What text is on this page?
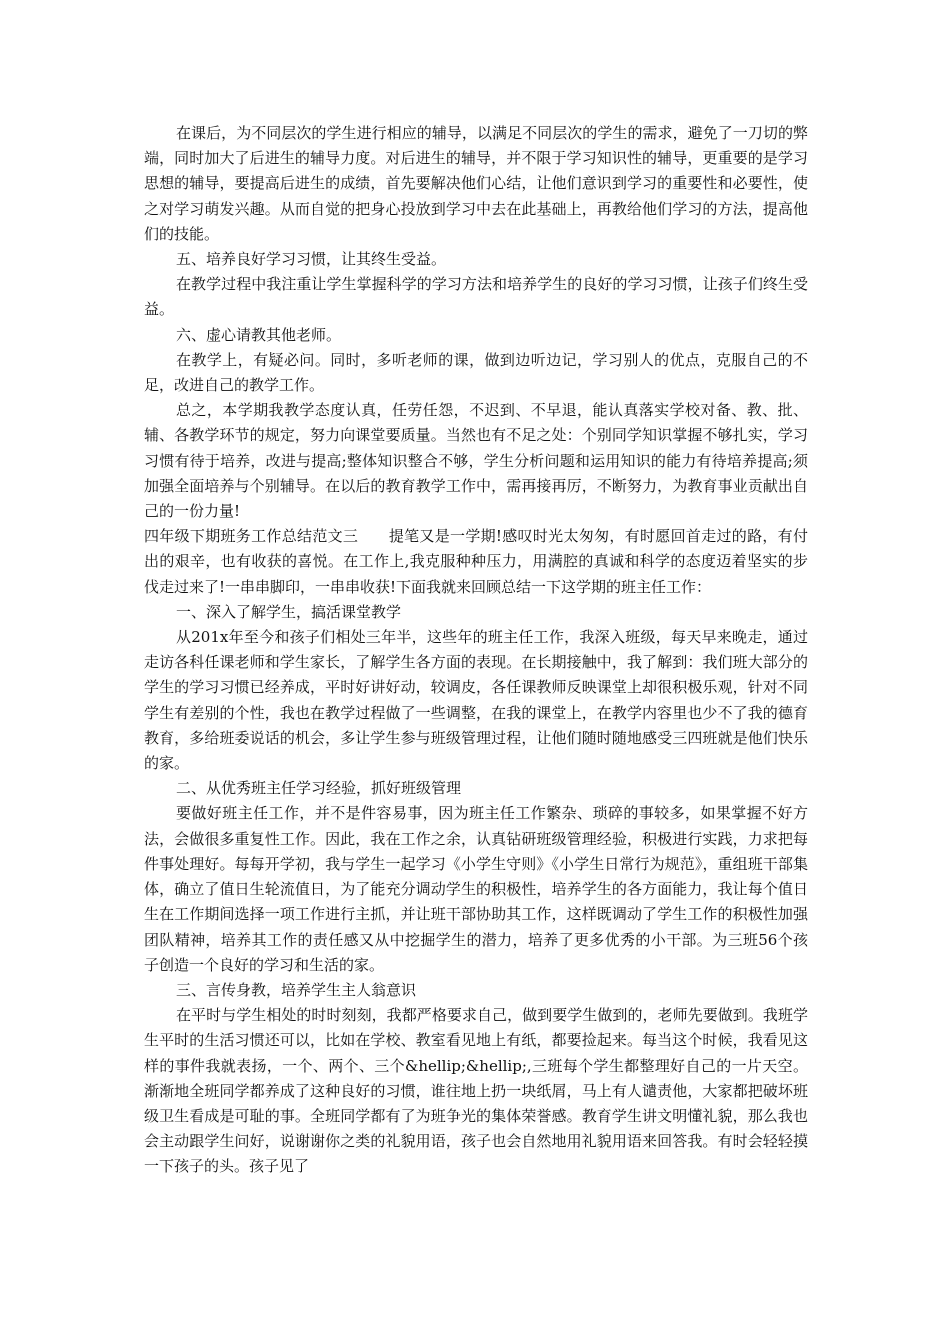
在课后，为不同层次的学生进行相应的辅导，以满足不同层次的学生的需求，避免了一刀切的弊端，同时加大了后进生的辅导力度。对后进生的辅导，并不限于学习知识性的辅导，更重要的是学习思想的辅导，要提高后进生的成绩，首先要解决他们心结，让他们意识到学习的重要性和必要性，使之对学习萌发兴趣。从而自觉的把身心投放到学习中去在此基础上，再教给他们学习的方法，提高他们的技能。

五、培养良好学习习惯，让其终生受益。

在教学过程中我注重让学生掌握科学的学习方法和培养学生的良好的学习习惯，让孩子们终生受益。

六、虚心请教其他老师。

在教学上，有疑必问。同时，多听老师的课，做到边听边记，学习别人的优点，克服自己的不足，改进自己的教学工作。

总之，本学期我教学态度认真，任劳任怨，不迟到、不早退，能认真落实学校对备、教、批、辅、各教学环节的规定，努力向课堂要质量。当然也有不足之处：个别同学知识掌握不够扎实，学习习惯有待于培养，改进与提高;整体知识整合不够，学生分析问题和运用知识的能力有待培养提高;须加强全面培养与个别辅导。在以后的教育教学工作中，需再接再厉，不断努力，为教育事业贡献出自己的一份力量!

四年级下期班务工作总结范文三　　提笔又是一学期!感叹时光太匆匆，有时愿回首走过的路，有付出的艰辛，也有收获的喜悦。在工作上,我克服种种压力，用满腔的真诚和科学的态度迈着坚实的步伐走过来了!一串串脚印，一串串收获!下面我就来回顾总结一下这学期的班主任工作：

一、深入了解学生，搞活课堂教学

从201x年至今和孩子们相处三年半，这些年的班主任工作，我深入班级，每天早来晚走，通过走访各科任课老师和学生家长，了解学生各方面的表现。在长期接触中，我了解到：我们班大部分的学生的学习习惯已经养成，平时好讲好动，较调皮，各任课教师反映课堂上却很积极乐观，针对不同学生有差别的个性，我也在教学过程做了一些调整，在我的课堂上，在教学内容里也少不了我的德育教育，多给班委说话的机会，多让学生参与班级管理过程，让他们随时随地感受三四班就是他们快乐的家。

二、从优秀班主任学习经验，抓好班级管理

要做好班主任工作，并不是件容易事，因为班主任工作繁杂、琐碎的事较多，如果掌握不好方法，会做很多重复性工作。因此，我在工作之余，认真钻研班级管理经验，积极进行实践，力求把每件事处理好。每每开学初，我与学生一起学习《小学生守则》《小学生日常行为规范》，重组班干部集体，确立了值日生轮流值日，为了能充分调动学生的积极性，培养学生的各方面能力，我让每个值日生在工作期间选择一项工作进行主抓，并让班干部协助其工作，这样既调动了学生工作的积极性加强团队精神，培养其工作的责任感又从中挖掘学生的潜力，培养了更多优秀的小干部。为三班56个孩子创造一个良好的学习和生活的家。

三、言传身教，培养学生主人翁意识

在平时与学生相处的时时刻刻，我都严格要求自己，做到要学生做到的，老师先要做到。我班学生平时的生活习惯还可以，比如在学校、教室看见地上有纸，都要捡起来。每当这个时候，我看见这样的事件我就表扬，一个、两个、三个&hellip;&hellip;,三班每个学生都整理好自己的一片天空。渐渐地全班同学都养成了这种良好的习惯，谁往地上扔一块纸屑，马上有人谴责他，大家都把破坏班级卫生看成是可耻的事。全班同学都有了为班争光的集体荣誉感。教育学生讲文明懂礼貌，那么我也会主动跟学生问好，说谢谢你之类的礼貌用语，孩子也会自然地用礼貌用语来回答我。有时会轻轻摸一下孩子的头。孩子见了
